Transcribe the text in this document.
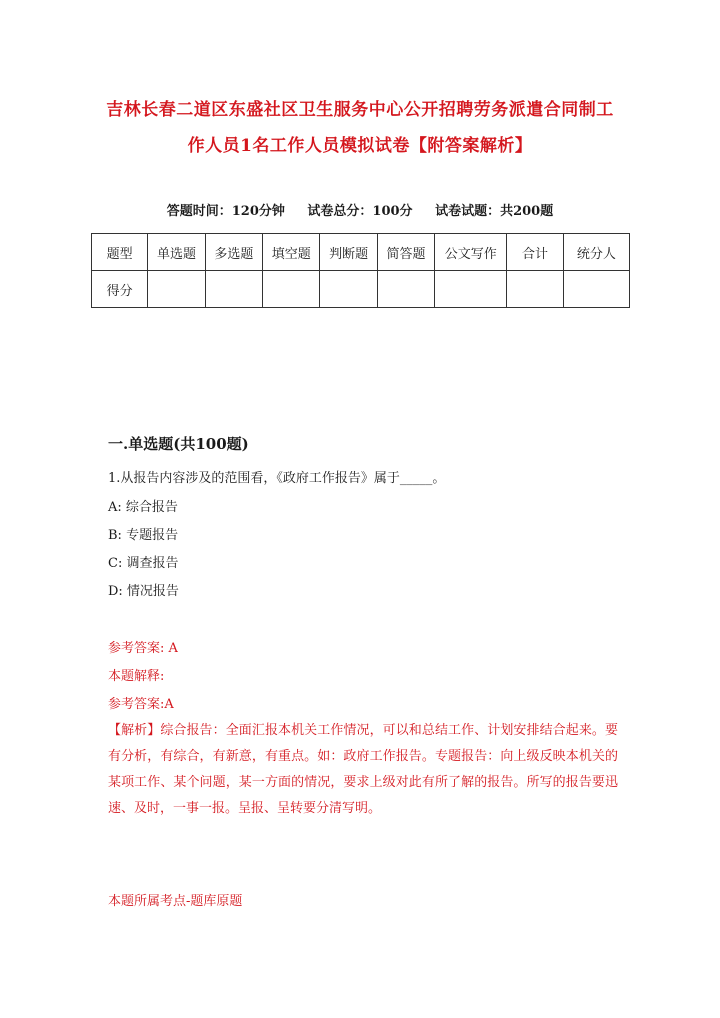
吉林长春二道区东盛社区卫生服务中心公开招聘劳务派遣合同制工
作人员1名工作人员模拟试卷【附答案解析】
答题时间：120分钟 试卷总分：100分 试卷试题：共200题
题型	单选题	多选题	填空题	判断题	简答题	公文写作	合计	统分人
得分								
一.单选题(共100题)
1.从报告内容涉及的范围看，《政府工作报告》属于_____。
A: 综合报告
B: 专题报告
C: 调查报告
D: 情况报告
参考答案: A
本题解释:
参考答案:A
【解析】综合报告：全面汇报本机关工作情况，可以和总结工作、计划安排结合起来。要有分析，有综合，有新意，有重点。如：政府工作报告。专题报告：向上级反映本机关的某项工作、某个问题，某一方面的情况，要求上级对此有所了解的报告。所写的报告要迅速、及时，一事一报。呈报、呈转要分清写明。
本题所属考点-题库原题
